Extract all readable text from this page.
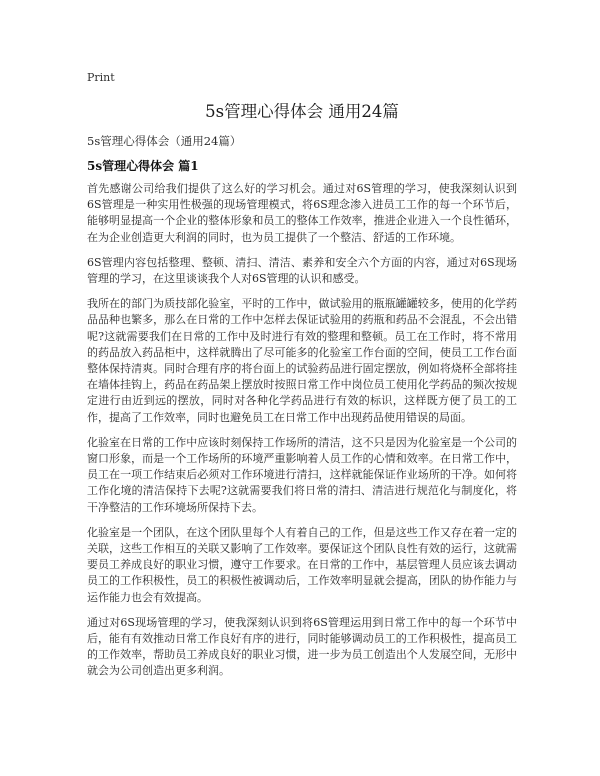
Print
5s管理心得体会 通用24篇

5s管理心得体会（通用24篇）

5s管理心得体会 篇1

首先感谢公司给我们提供了这么好的学习机会。通过对6S管理的学习，使我深刻认识到6S管理是一种实用性极强的现场管理模式，将6S理念渗入进员工工作的每一个环节后，能够明显提高一个企业的整体形象和员工的整体工作效率，推进企业进入一个良性循环，在为企业创造更大利润的同时，也为员工提供了一个整洁、舒适的工作环境。

6S管理内容包括整理、整顿、清扫、清洁、素养和安全六个方面的内容，通过对6S现场管理的学习，在这里谈谈我个人对6S管理的认识和感受。

我所在的部门为质技部化验室，平时的工作中，做试验用的瓶瓶罐罐较多，使用的化学药品品种也繁多，那么在日常的工作中怎样去保证试验用的药瓶和药品不会混乱，不会出错呢?这就需要我们在日常的工作中及时进行有效的整理和整顿。员工在工作时，将不常用的药品放入药品柜中，这样就腾出了尽可能多的化验室工作台面的空间，使员工工作台面整体保持清爽。同时合理有序的将台面上的试验药品进行固定摆放，例如将烧杯全部将挂在墙体挂钩上，药品在药品架上摆放时按照日常工作中岗位员工使用化学药品的频次按规定进行由近到远的摆放，同时对各种化学药品进行有效的标识，这样既方便了员工的工作，提高了工作效率，同时也避免员工在日常工作中出现药品使用错误的局面。

化验室在日常的工作中应该时刻保持工作场所的清洁，这不只是因为化验室是一个公司的窗口形象，而是一个工作场所的环境严重影响着人员工作的心情和效率。在日常工作中，员工在一项工作结束后必须对工作环境进行清扫，这样就能保证作业场所的干净。如何将工作化境的清洁保持下去呢?这就需要我们将日常的清扫、清洁进行规范化与制度化，将干净整洁的工作环境场所保持下去。

化验室是一个团队，在这个团队里每个人有着自己的工作，但是这些工作又存在着一定的关联，这些工作相互的关联又影响了工作效率。要保证这个团队良性有效的运行，这就需要员工养成良好的职业习惯，遵守工作要求。在日常的工作中，基层管理人员应该去调动员工的工作积极性，员工的积极性被调动后，工作效率明显就会提高，团队的协作能力与运作能力也会有效提高。

通过对6S现场管理的学习，使我深刻认识到将6S管理运用到日常工作中的每一个环节中后，能有有效推动日常工作良好有序的进行，同时能够调动员工的工作积极性，提高员工的工作效率，帮助员工养成良好的职业习惯，进一步为员工创造出个人发展空间，无形中就会为公司创造出更多利润。
